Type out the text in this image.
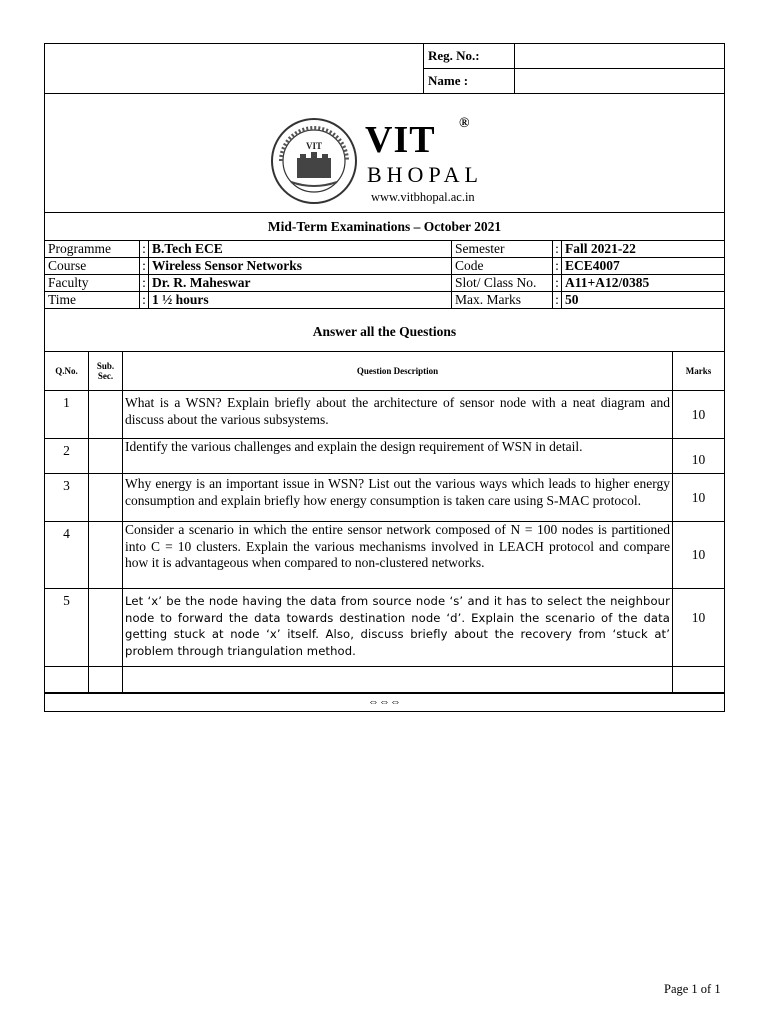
	Reg. No.:	
	Name :	
VIT VIT ®
BHOPAL
www.vitbhopal.ac.in
Mid-Term Examinations – October 2021
Programme	:	B.Tech ECE	Semester	:	Fall 2021-22
Course	:	Wireless Sensor Networks	Code	:	ECE4007
Faculty	:	Dr. R. Maheswar	Slot/ Class No.	:	A11+A12/0385
Time	:	1 ½ hours	Max. Marks	:	50
Answer all the Questions
Q.No.	Sub. Sec.	Question Description	Marks
1		What is a WSN? Explain briefly about the architecture of sensor node with a neat diagram and discuss about the various subsystems.	10
2		Identify the various challenges and explain the design requirement of WSN in detail.	10
3		Why energy is an important issue in WSN? List out the various ways which leads to higher energy consumption and explain briefly how energy consumption is taken care using S-MAC protocol.	10
4		Consider a scenario in which the entire sensor network composed of N = 100 nodes is partitioned into C = 10 clusters. Explain the various mechanisms involved in LEACH protocol and compare how it is advantageous when compared to non-clustered networks.	10
5		Let ‘x’ be the node having the data from source node ‘s’ and it has to select the neighbour node to forward the data towards destination node ‘d’. Explain the scenario of the data getting stuck at node ‘x’ itself. Also, discuss briefly about the recovery from ‘stuck at’ problem through triangulation method.	10

⇔⇔⇔
Page 1 of 1
